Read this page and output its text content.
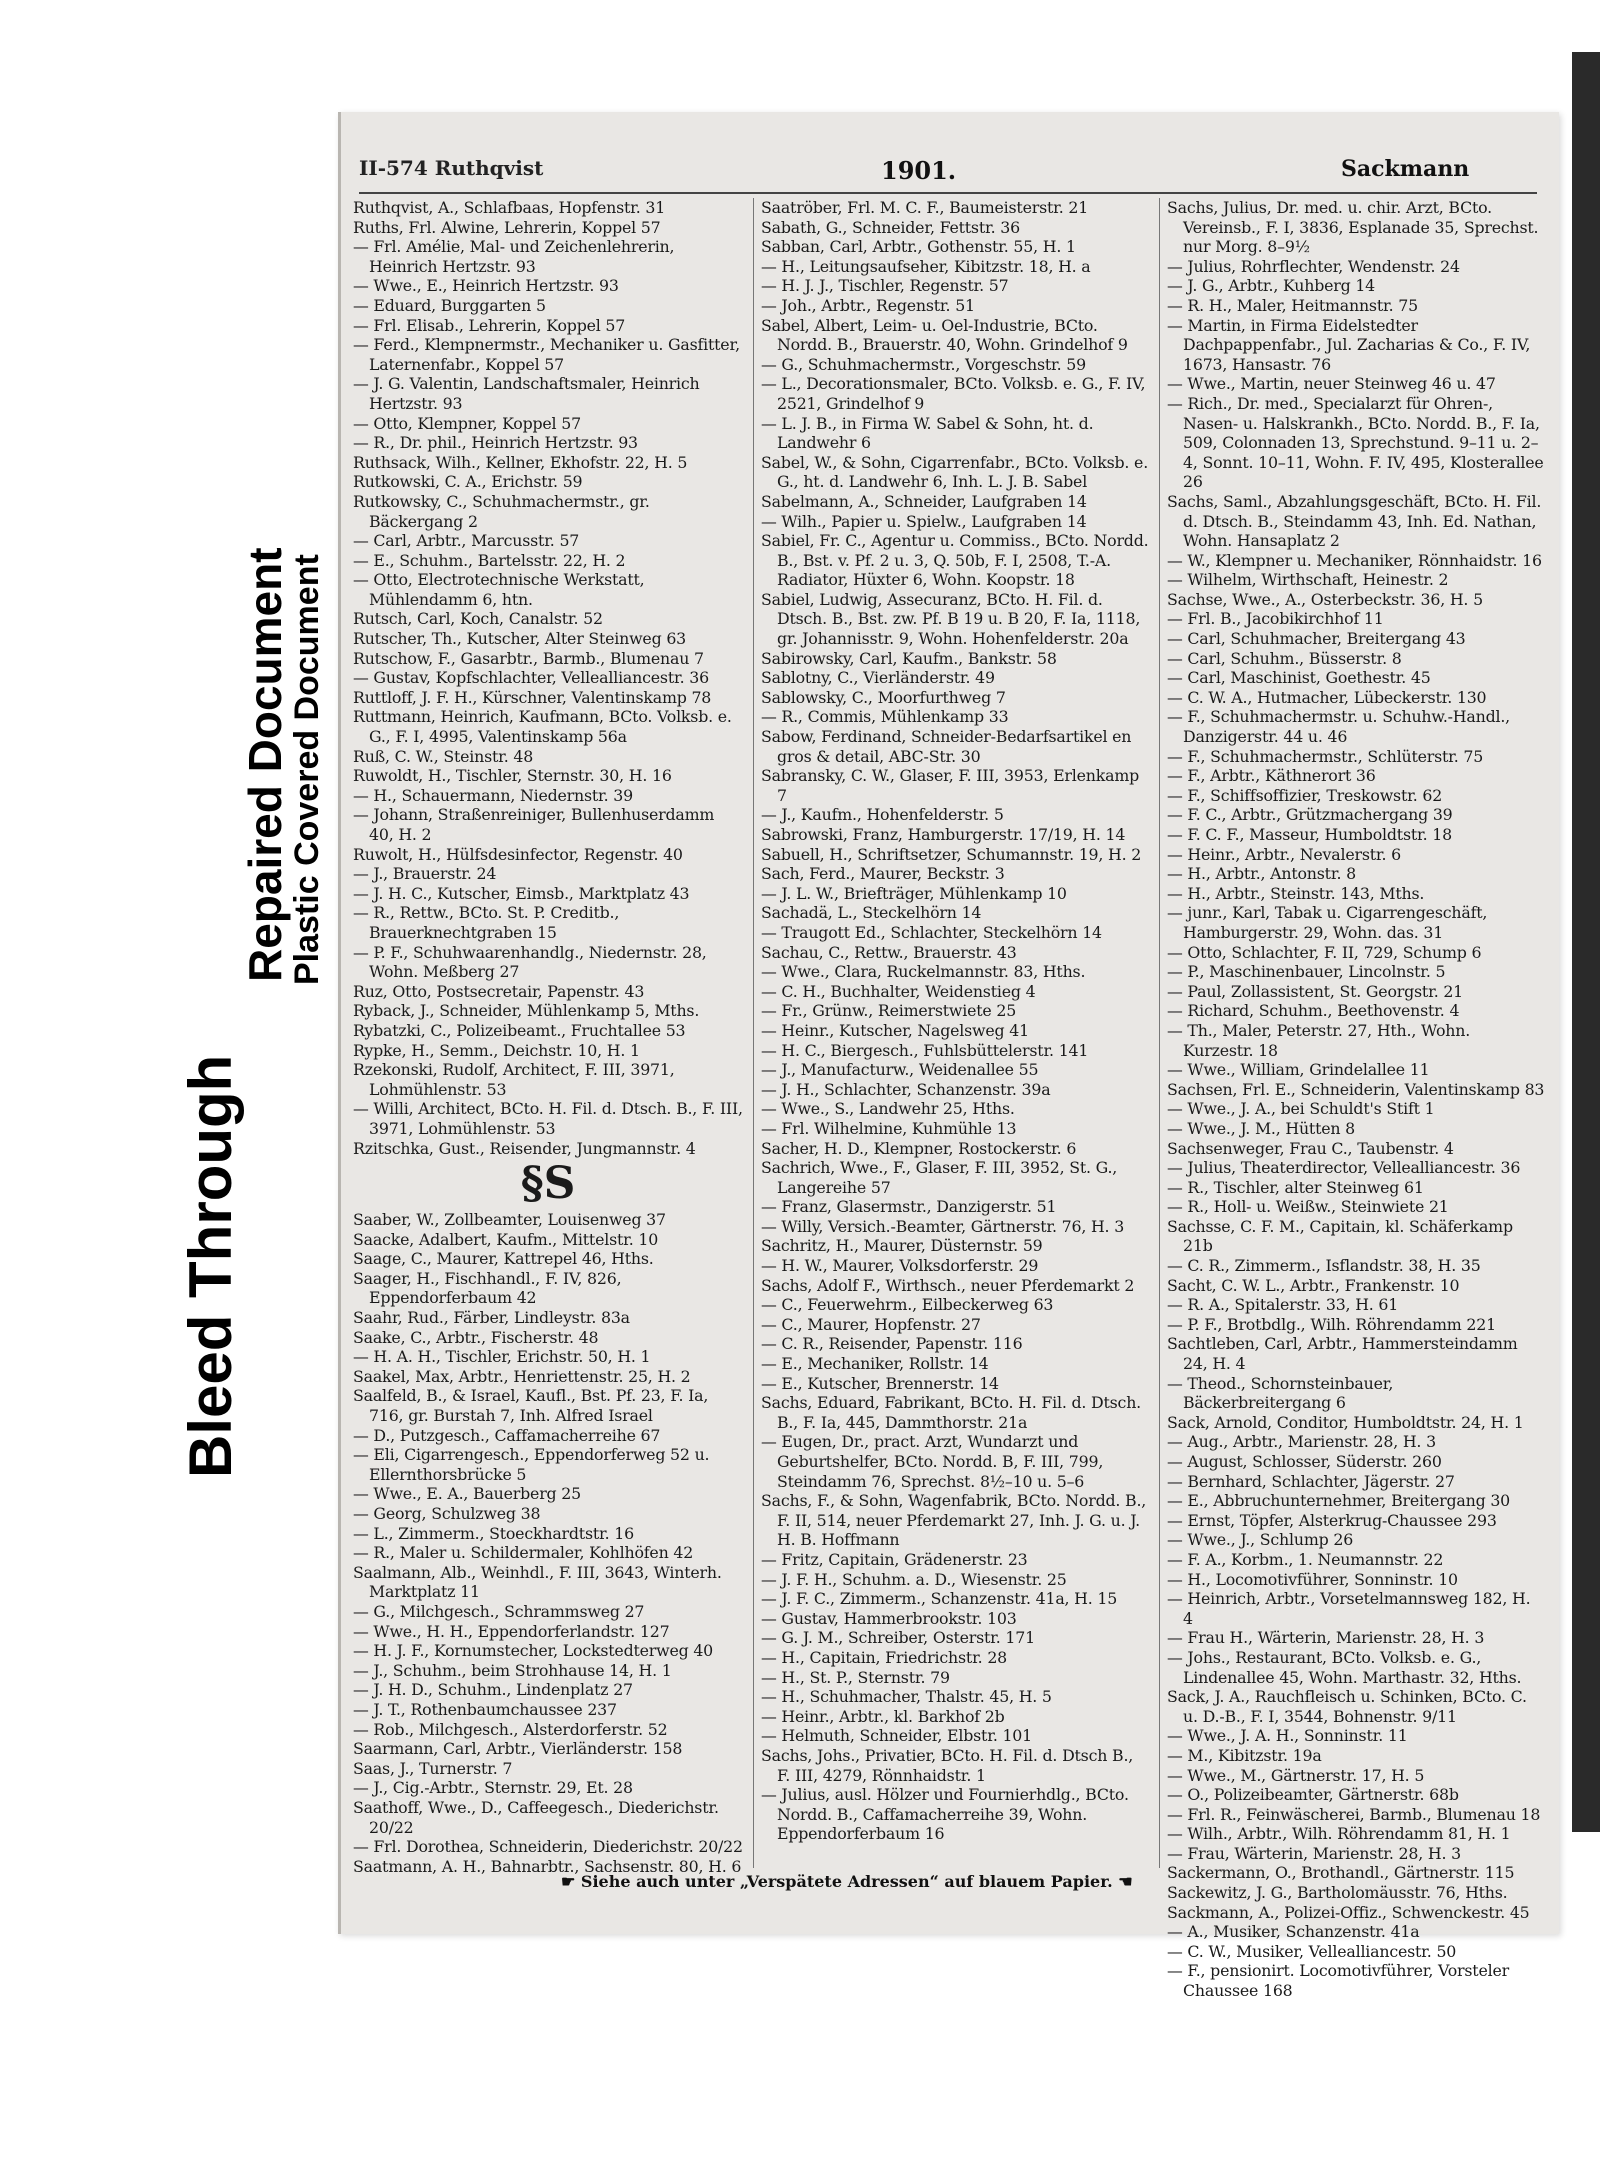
Bleed Through
Repaired Document
Plastic Covered Document
II-574 Ruthqvist	1901.	Sackmann

Ruthqvist, A., Schlafbaas, Hopfenstr. 31

Ruths, Frl. Alwine, Lehrerin, Koppel 57

— Frl. Amélie, Mal- und Zeichenlehrerin, Heinrich Hertzstr. 93

— Wwe., E., Heinrich Hertzstr. 93

— Eduard, Burggarten 5

— Frl. Elisab., Lehrerin, Koppel 57

— Ferd., Klempnermstr., Mechaniker u. Gasfitter, Laternenfabr., Koppel 57

— J. G. Valentin, Landschaftsmaler, Heinrich Hertzstr. 93

— Otto, Klempner, Koppel 57

— R., Dr. phil., Heinrich Hertzstr. 93

Ruthsack, Wilh., Kellner, Ekhofstr. 22, H. 5

Rutkowski, C. A., Erichstr. 59

Rutkowsky, C., Schuhmachermstr., gr. Bäckergang 2

— Carl, Arbtr., Marcusstr. 57

— E., Schuhm., Bartelsstr. 22, H. 2

— Otto, Electrotechnische Werkstatt, Mühlendamm 6, htn.

Rutsch, Carl, Koch, Canalstr. 52

Rutscher, Th., Kutscher, Alter Steinweg 63

Rutschow, F., Gasarbtr., Barmb., Blumenau 7

— Gustav, Kopfschlachter, Vellealliancestr. 36

Ruttloff, J. F. H., Kürschner, Valentinskamp 78

Ruttmann, Heinrich, Kaufmann, BCto. Volksb. e. G., F. I, 4995, Valentinskamp 56a

Ruß, C. W., Steinstr. 48

Ruwoldt, H., Tischler, Sternstr. 30, H. 16

— H., Schauermann, Niedernstr. 39

— Johann, Straßenreiniger, Bullenhuserdamm 40, H. 2

Ruwolt, H., Hülfsdesinfector, Regenstr. 40

— J., Brauerstr. 24

— J. H. C., Kutscher, Eimsb., Marktplatz 43

— R., Rettw., BCto. St. P. Creditb., Brauerknechtgraben 15

— P. F., Schuhwaarenhandlg., Niedernstr. 28, Wohn. Meßberg 27

Ruz, Otto, Postsecretair, Papenstr. 43

Ryback, J., Schneider, Mühlenkamp 5, Mths.

Rybatzki, C., Polizeibeamt., Fruchtallee 53

Rypke, H., Semm., Deichstr. 10, H. 1

Rzekonski, Rudolf, Architect, F. III, 3971, Lohmühlenstr. 53

— Willi, Architect, BCto. H. Fil. d. Dtsch. B., F. III, 3971, Lohmühlenstr. 53

Rzitschka, Gust., Reisender, Jungmannstr. 4

§S

Saaber, W., Zollbeamter, Louisenweg 37

Saacke, Adalbert, Kaufm., Mittelstr. 10

Saage, C., Maurer, Kattrepel 46, Hths.

Saager, H., Fischhandl., F. IV, 826, Eppendorferbaum 42

Saahr, Rud., Färber, Lindleystr. 83a

Saake, C., Arbtr., Fischerstr. 48

— H. A. H., Tischler, Erichstr. 50, H. 1

Saakel, Max, Arbtr., Henriettenstr. 25, H. 2

Saalfeld, B., & Israel, Kaufl., Bst. Pf. 23, F. Ia, 716, gr. Burstah 7, Inh. Alfred Israel

— D., Putzgesch., Caffamacherreihe 67

— Eli, Cigarrengesch., Eppendorferweg 52 u. Ellernthorsbrücke 5

— Wwe., E. A., Bauerberg 25

— Georg, Schulzweg 38

— L., Zimmerm., Stoeckhardtstr. 16

— R., Maler u. Schildermaler, Kohlhöfen 42

Saalmann, Alb., Weinhdl., F. III, 3643, Winterh. Marktplatz 11

— G., Milchgesch., Schrammsweg 27

— Wwe., H. H., Eppendorferlandstr. 127

— H. J. F., Kornumstecher, Lockstedterweg 40

— J., Schuhm., beim Strohhause 14, H. 1

— J. H. D., Schuhm., Lindenplatz 27

— J. T., Rothenbaumchaussee 237

— Rob., Milchgesch., Alsterdorferstr. 52

Saarmann, Carl, Arbtr., Vierländerstr. 158

Saas, J., Turnerstr. 7

— J., Cig.-Arbtr., Sternstr. 29, Et. 28

Saathoff, Wwe., D., Caffeegesch., Diederichstr. 20/22

— Frl. Dorothea, Schneiderin, Diederichstr. 20/22

Saatmann, A. H., Bahnarbtr., Sachsenstr. 80, H. 6

Saatröber, Frl. M. C. F., Baumeisterstr. 21

Sabath, G., Schneider, Fettstr. 36

Sabban, Carl, Arbtr., Gothenstr. 55, H. 1

— H., Leitungsaufseher, Kibitzstr. 18, H. a

— H. J. J., Tischler, Regenstr. 57

— Joh., Arbtr., Regenstr. 51

Sabel, Albert, Leim- u. Oel-Industrie, BCto. Nordd. B., Brauerstr. 40, Wohn. Grindelhof 9

— G., Schuhmachermstr., Vorgeschstr. 59

— L., Decorationsmaler, BCto. Volksb. e. G., F. IV, 2521, Grindelhof 9

— L. J. B., in Firma W. Sabel & Sohn, ht. d. Landwehr 6

Sabel, W., & Sohn, Cigarrenfabr., BCto. Volksb. e. G., ht. d. Landwehr 6, Inh. L. J. B. Sabel

Sabelmann, A., Schneider, Laufgraben 14

— Wilh., Papier u. Spielw., Laufgraben 14

Sabiel, Fr. C., Agentur u. Commiss., BCto. Nordd. B., Bst. v. Pf. 2 u. 3, Q. 50b, F. I, 2508, T.-A. Radiator, Hüxter 6, Wohn. Koopstr. 18

Sabiel, Ludwig, Assecuranz, BCto. H. Fil. d. Dtsch. B., Bst. zw. Pf. B 19 u. B 20, F. Ia, 1118, gr. Johannisstr. 9, Wohn. Hohenfelderstr. 20a

Sabirowsky, Carl, Kaufm., Bankstr. 58

Sablotny, C., Vierländerstr. 49

Sablowsky, C., Moorfurthweg 7

— R., Commis, Mühlenkamp 33

Sabow, Ferdinand, Schneider-Bedarfsartikel en gros & detail, ABC-Str. 30

Sabransky, C. W., Glaser, F. III, 3953, Erlenkamp 7

— J., Kaufm., Hohenfelderstr. 5

Sabrowski, Franz, Hamburgerstr. 17/19, H. 14

Sabuell, H., Schriftsetzer, Schumannstr. 19, H. 2

Sach, Ferd., Maurer, Beckstr. 3

— J. L. W., Briefträger, Mühlenkamp 10

Sachadä, L., Steckelhörn 14

— Traugott Ed., Schlachter, Steckelhörn 14

Sachau, C., Rettw., Brauerstr. 43

— Wwe., Clara, Ruckelmannstr. 83, Hths.

— C. H., Buchhalter, Weidenstieg 4

— Fr., Grünw., Reimerstwiete 25

— Heinr., Kutscher, Nagelsweg 41

— H. C., Biergesch., Fuhlsbüttelerstr. 141

— J., Manufacturw., Weidenallee 55

— J. H., Schlachter, Schanzenstr. 39a

— Wwe., S., Landwehr 25, Hths.

— Frl. Wilhelmine, Kuhmühle 13

Sacher, H. D., Klempner, Rostockerstr. 6

Sachrich, Wwe., F., Glaser, F. III, 3952, St. G., Langereihe 57

— Franz, Glasermstr., Danzigerstr. 51

— Willy, Versich.-Beamter, Gärtnerstr. 76, H. 3

Sachritz, H., Maurer, Düsternstr. 59

— H. W., Maurer, Volksdorferstr. 29

Sachs, Adolf F., Wirthsch., neuer Pferdemarkt 2

— C., Feuerwehrm., Eilbeckerweg 63

— C., Maurer, Hopfenstr. 27

— C. R., Reisender, Papenstr. 116

— E., Mechaniker, Rollstr. 14

— E., Kutscher, Brennerstr. 14

Sachs, Eduard, Fabrikant, BCto. H. Fil. d. Dtsch. B., F. Ia, 445, Dammthorstr. 21a

— Eugen, Dr., pract. Arzt, Wundarzt und Geburtshelfer, BCto. Nordd. B, F. III, 799, Steindamm 76, Sprechst. 8½–10 u. 5–6

Sachs, F., & Sohn, Wagenfabrik, BCto. Nordd. B., F. II, 514, neuer Pferdemarkt 27, Inh. J. G. u. J. H. B. Hoffmann

— Fritz, Capitain, Grädenerstr. 23

— J. F. H., Schuhm. a. D., Wiesenstr. 25

— J. F. C., Zimmerm., Schanzenstr. 41a, H. 15

— Gustav, Hammerbrookstr. 103

— G. J. M., Schreiber, Osterstr. 171

— H., Capitain, Friedrichstr. 28

— H., St. P., Sternstr. 79

— H., Schuhmacher, Thalstr. 45, H. 5

— Heinr., Arbtr., kl. Barkhof 2b

— Helmuth, Schneider, Elbstr. 101

Sachs, Johs., Privatier, BCto. H. Fil. d. Dtsch B., F. III, 4279, Rönnhaidstr. 1

— Julius, ausl. Hölzer und Fournierhdlg., BCto. Nordd. B., Caffamacherreihe 39, Wohn. Eppendorferbaum 16

Sachs, Julius, Dr. med. u. chir. Arzt, BCto. Vereinsb., F. I, 3836, Esplanade 35, Sprechst. nur Morg. 8–9½

— Julius, Rohrflechter, Wendenstr. 24

— J. G., Arbtr., Kuhberg 14

— R. H., Maler, Heitmannstr. 75

— Martin, in Firma Eidelstedter Dachpappenfabr., Jul. Zacharias & Co., F. IV, 1673, Hansastr. 76

— Wwe., Martin, neuer Steinweg 46 u. 47

— Rich., Dr. med., Specialarzt für Ohren-, Nasen- u. Halskrankh., BCto. Nordd. B., F. Ia, 509, Colonnaden 13, Sprechstund. 9–11 u. 2–4, Sonnt. 10–11, Wohn. F. IV, 495, Klosterallee 26

Sachs, Saml., Abzahlungsgeschäft, BCto. H. Fil. d. Dtsch. B., Steindamm 43, Inh. Ed. Nathan, Wohn. Hansaplatz 2

— W., Klempner u. Mechaniker, Rönnhaidstr. 16

— Wilhelm, Wirthschaft, Heinestr. 2

Sachse, Wwe., A., Osterbeckstr. 36, H. 5

— Frl. B., Jacobikirchhof 11

— Carl, Schuhmacher, Breitergang 43

— Carl, Schuhm., Büsserstr. 8

— Carl, Maschinist, Goethestr. 45

— C. W. A., Hutmacher, Lübeckerstr. 130

— F., Schuhmachermstr. u. Schuhw.-Handl., Danzigerstr. 44 u. 46

— F., Schuhmachermstr., Schlüterstr. 75

— F., Arbtr., Käthnerort 36

— F., Schiffsoffizier, Treskowstr. 62

— F. C., Arbtr., Grützmachergang 39

— F. C. F., Masseur, Humboldtstr. 18

— Heinr., Arbtr., Nevalerstr. 6

— H., Arbtr., Antonstr. 8

— H., Arbtr., Steinstr. 143, Mths.

— junr., Karl, Tabak u. Cigarrengeschäft, Hamburgerstr. 29, Wohn. das. 31

— Otto, Schlachter, F. II, 729, Schump 6

— P., Maschinenbauer, Lincolnstr. 5

— Paul, Zollassistent, St. Georgstr. 21

— Richard, Schuhm., Beethovenstr. 4

— Th., Maler, Peterstr. 27, Hth., Wohn. Kurzestr. 18

— Wwe., William, Grindelallee 11

Sachsen, Frl. E., Schneiderin, Valentinskamp 83

— Wwe., J. A., bei Schuldt's Stift 1

— Wwe., J. M., Hütten 8

Sachsenweger, Frau C., Taubenstr. 4

— Julius, Theaterdirector, Vellealliancestr. 36

— R., Tischler, alter Steinweg 61

— R., Holl- u. Weißw., Steinwiete 21

Sachsse, C. F. M., Capitain, kl. Schäferkamp 21b

— C. R., Zimmerm., Isflandstr. 38, H. 35

Sacht, C. W. L., Arbtr., Frankenstr. 10

— R. A., Spitalerstr. 33, H. 61

— P. F., Brotbdlg., Wilh. Röhrendamm 221

Sachtleben, Carl, Arbtr., Hammersteindamm 24, H. 4

— Theod., Schornsteinbauer, Bäckerbreitergang 6

Sack, Arnold, Conditor, Humboldtstr. 24, H. 1

— Aug., Arbtr., Marienstr. 28, H. 3

— August, Schlosser, Süderstr. 260

— Bernhard, Schlachter, Jägerstr. 27

— E., Abbruchunternehmer, Breitergang 30

— Ernst, Töpfer, Alsterkrug-Chaussee 293

— Wwe., J., Schlump 26

— F. A., Korbm., 1. Neumannstr. 22

— H., Locomotivführer, Sonninstr. 10

— Heinrich, Arbtr., Vorsetelmannsweg 182, H. 4

— Frau H., Wärterin, Marienstr. 28, H. 3

— Johs., Restaurant, BCto. Volksb. e. G., Lindenallee 45, Wohn. Marthastr. 32, Hths.

Sack, J. A., Rauchfleisch u. Schinken, BCto. C. u. D.-B., F. I, 3544, Bohnenstr. 9/11

— Wwe., J. A. H., Sonninstr. 11

— M., Kibitzstr. 19a

— Wwe., M., Gärtnerstr. 17, H. 5

— O., Polizeibeamter, Gärtnerstr. 68b

— Frl. R., Feinwäscherei, Barmb., Blumenau 18

— Wilh., Arbtr., Wilh. Röhrendamm 81, H. 1

— Frau, Wärterin, Marienstr. 28, H. 3

Sackermann, O., Brothandl., Gärtnerstr. 115

Sackewitz, J. G., Bartholomäusstr. 76, Hths.

Sackmann, A., Polizei-Offiz., Schwenckestr. 45

— A., Musiker, Schanzenstr. 41a

— C. W., Musiker, Vellealliancestr. 50

— F., pensionirt. Locomotivführer, Vorsteler Chaussee 168

☛ Siehe auch unter „Verspätete Adressen“ auf blauem Papier. ☚
